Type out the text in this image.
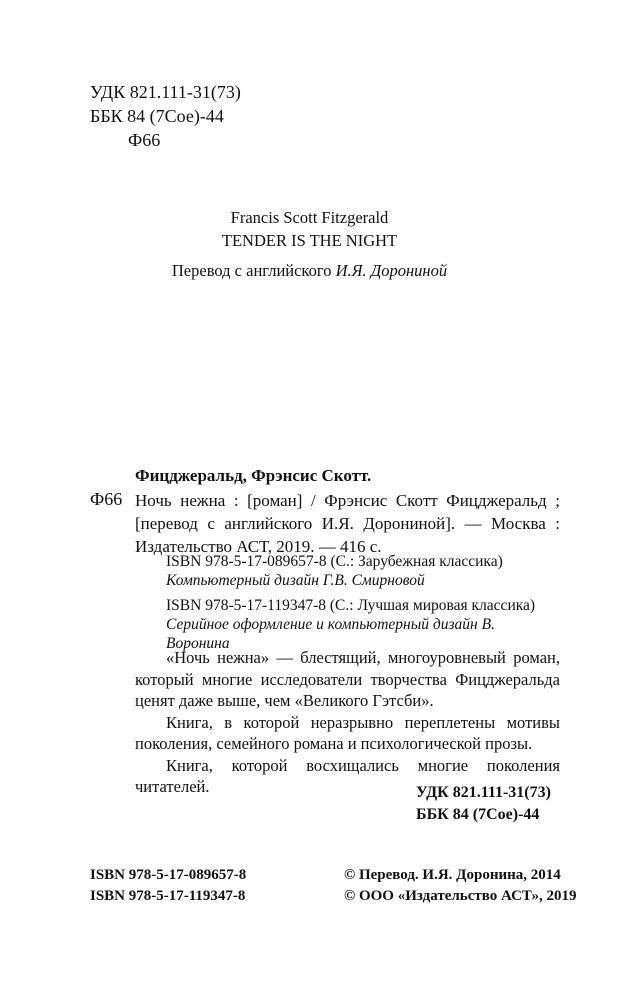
УДК 821.111-31(73)
ББК 84 (7Сое)-44
Ф66
Francis Scott Fitzgerald
TENDER IS THE NIGHT
Перевод с английского И.Я. Дорониной
Ф66
Фицджеральд, Фрэнсис Скотт.
Ночь нежна : [роман] / Фрэнсис Скотт Фицджеральд ; [перевод с английского И.Я. Дорониной]. — Москва : Издательство АСТ, 2019. — 416 с.
ISBN 978-5-17-089657-8 (С.: Зарубежная классика)
Компьютерный дизайн Г.В. Смирновой
ISBN 978-5-17-119347-8 (С.: Лучшая мировая классика)
Серийное оформление и компьютерный дизайн В. Воронина

«Ночь нежна» — блестящий, многоуровневый роман, который многие исследователи творчества Фицджеральда ценят даже выше, чем «Великого Гэтсби».

Книга, в которой неразрывно переплетены мотивы поколения, семейного романа и психологической прозы.

Книга, которой восхищались многие поколения читателей.	УДК 821.111-31(73)
ББК 84 (7Сое)-44
ISBN 978-5-17-089657-8
ISBN 978-5-17-119347-8
© Перевод. И.Я. Доронина, 2014
© ООО «Издательство АСТ», 2019
